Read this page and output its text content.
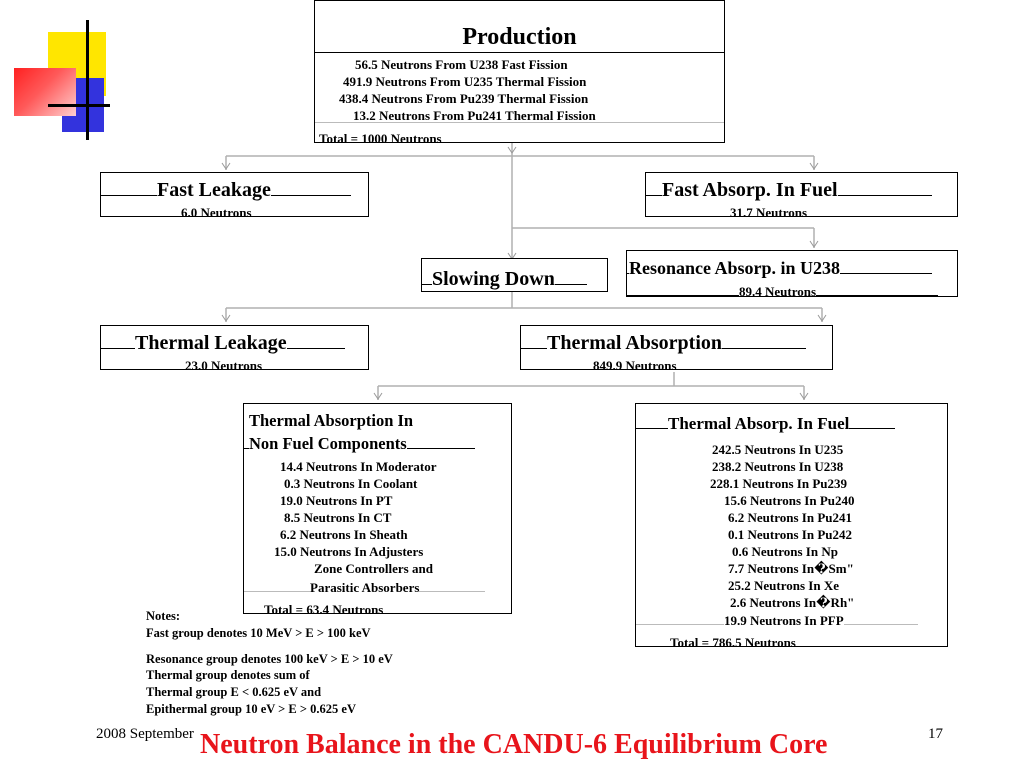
Production
56.5 Neutrons From U238 Fast Fission
491.9 Neutrons From U235 Thermal Fission
438.4 Neutrons From Pu239 Thermal Fission
13.2 Neutrons From Pu241 Thermal Fission
Total = 1000 Neutrons
Fast Leakage
6.0 Neutrons
Fast Absorp. In Fuel
31.7 Neutrons
Resonance Absorp. in U238
89.4 Neutrons
Slowing Down
Thermal Leakage
23.0 Neutrons
Thermal Absorption
849.9 Neutrons
Thermal Absorption In
Non Fuel Components
14.4 Neutrons In Moderator
0.3 Neutrons In Coolant
19.0 Neutrons In PT
8.5 Neutrons In CT
6.2 Neutrons In Sheath
15.0 Neutrons In Adjusters
Zone Controllers and
Parasitic Absorbers
Total = 63.4 Neutrons
Thermal Absorp. In Fuel
242.5 Neutrons In U235
238.2 Neutrons In U238
228.1 Neutrons In Pu239
15.6 Neutrons In Pu240
6.2 Neutrons In Pu241
0.1 Neutrons In Pu242
0.6 Neutrons In Np
7.7 Neutrons In�Sm"
25.2 Neutrons In Xe
2.6 Neutrons In�Rh"
19.9 Neutrons In PFP
Total = 786.5 Neutrons
Notes:
Fast group denotes 10 MeV > E > 100 keV
Resonance group denotes 100 keV > E > 10 eV
Thermal group denotes sum of
Thermal group E < 0.625 eV and
Epithermal group 10 eV > E > 0.625 eV
2008 September	17
Neutron Balance in the CANDU-6 Equilibrium Core
